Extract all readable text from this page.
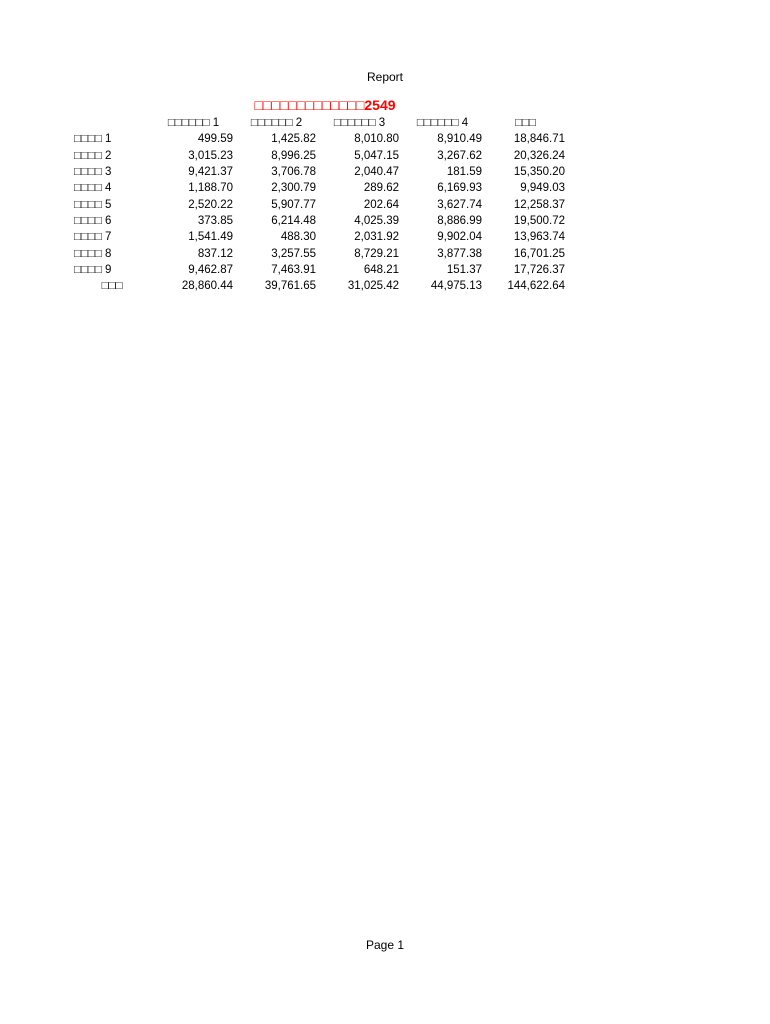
Report
□□□□□□□□□□□□□2549
	□□□□□□ 1	□□□□□□ 2	□□□□□□ 3	□□□□□□ 4	□□□
□□□□ 1	499.59	1,425.82	8,010.80	8,910.49	18,846.71
□□□□ 2	3,015.23	8,996.25	5,047.15	3,267.62	20,326.24
□□□□ 3	9,421.37	3,706.78	2,040.47	181.59	15,350.20
□□□□ 4	1,188.70	2,300.79	289.62	6,169.93	9,949.03
□□□□ 5	2,520.22	5,907.77	202.64	3,627.74	12,258.37
□□□□ 6	373.85	6,214.48	4,025.39	8,886.99	19,500.72
□□□□ 7	1,541.49	488.30	2,031.92	9,902.04	13,963.74
□□□□ 8	837.12	3,257.55	8,729.21	3,877.38	16,701.25
□□□□ 9	9,462.87	7,463.91	648.21	151.37	17,726.37
□□□	28,860.44	39,761.65	31,025.42	44,975.13	144,622.64
Page 1
